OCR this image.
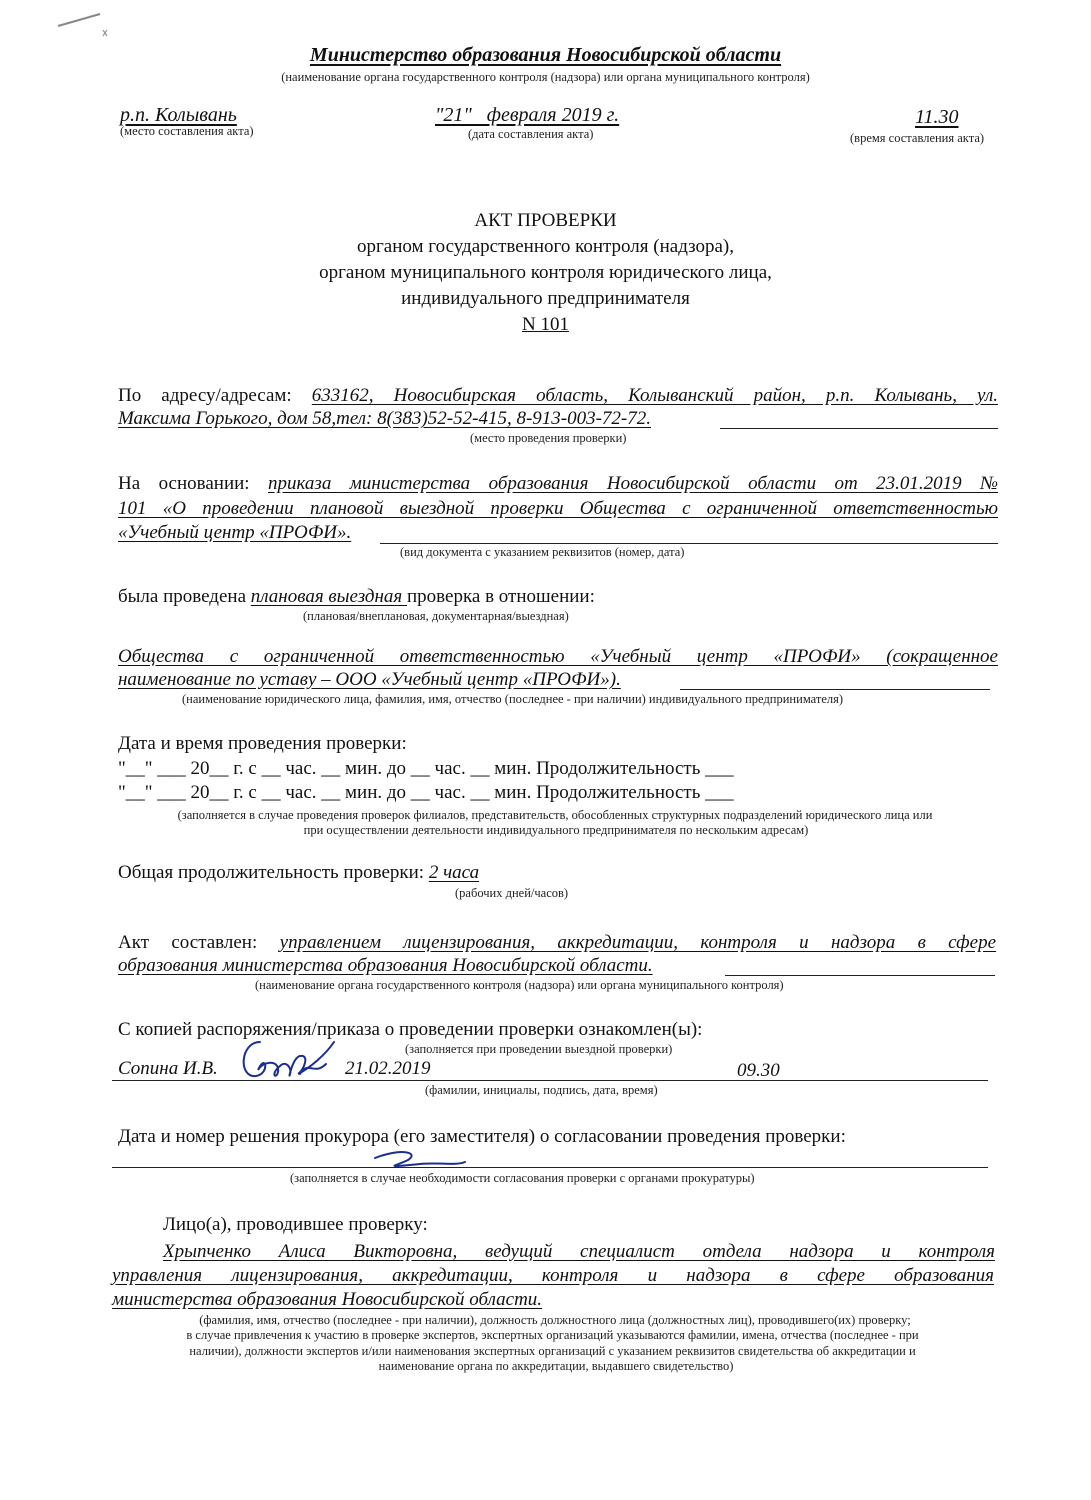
Министерство образования Новосибирской области
(наименование органа государственного контроля (надзора) или органа муниципального контроля)
р.п. Колывань
(место составления акта)
"21"   февраля 2019 г.
(дата составления акта)
11.30
(время составления акта)
АКТ ПРОВЕРКИ
органом государственного контроля (надзора),
органом муниципального контроля юридического лица,
индивидуального предпринимателя
N 101
По адресу/адресам: 633162, Новосибирская область, Колыванский район, р.п. Колывань, ул.
Максима Горького, дом 58,тел: 8(383)52-52-415, 8-913-003-72-72.
(место проведения проверки)
На основании: приказа министерства образования Новосибирской области от 23.01.2019 №
101 «О проведении плановой выездной проверки Общества с ограниченной ответственностью
«Учебный центр «ПРОФИ».
(вид документа с указанием реквизитов (номер, дата)
была проведена плановая выездная проверка в отношении:
(плановая/внеплановая, документарная/выездная)
Общества с ограниченной ответственностью «Учебный центр «ПРОФИ» (сокращенное
наименование по уставу – ООО «Учебный центр «ПРОФИ»).
(наименование юридического лица, фамилия, имя, отчество (последнее - при наличии) индивидуального предпринимателя)
Дата и время проведения проверки:
"__" ___ 20__ г. с __ час. __ мин. до __ час. __ мин. Продолжительность ___
"__" ___ 20__ г. с __ час. __ мин. до __ час. __ мин. Продолжительность ___
(заполняется в случае проведения проверок филиалов, представительств, обособленных структурных подразделений юридического лица или
при осуществлении деятельности индивидуального предпринимателя по нескольким адресам)
Общая продолжительность проверки: 2 часа
(рабочих дней/часов)
Акт составлен: управлением лицензирования, аккредитации, контроля и надзора в сфере
образования министерства образования Новосибирской области.
(наименование органа государственного контроля (надзора) или органа муниципального контроля)
С копией распоряжения/приказа о проведении проверки ознакомлен(ы):
(заполняется при проведении выездной проверки)
Сопина И.В.	21.02.2019	09.30
(фамилии, инициалы, подпись, дата, время)
Дата и номер решения прокурора (его заместителя) о согласовании проведения проверки:
(заполняется в случае необходимости согласования проверки с органами прокуратуры)
Лицо(а), проводившее проверку:
Хрыпченко Алиса Викторовна, ведущий специалист отдела надзора и контроля
управления лицензирования, аккредитации, контроля и надзора в сфере образования
министерства образования Новосибирской области.
(фамилия, имя, отчество (последнее - при наличии), должность должностного лица (должностных лиц), проводившего(их) проверку;
в случае привлечения к участию в проверке экспертов, экспертных организаций указываются фамилии, имена, отчества (последнее - при
наличии), должности экспертов и/или наименования экспертных организаций с указанием реквизитов свидетельства об аккредитации и
наименование органа по аккредитации, выдавшего свидетельство)
